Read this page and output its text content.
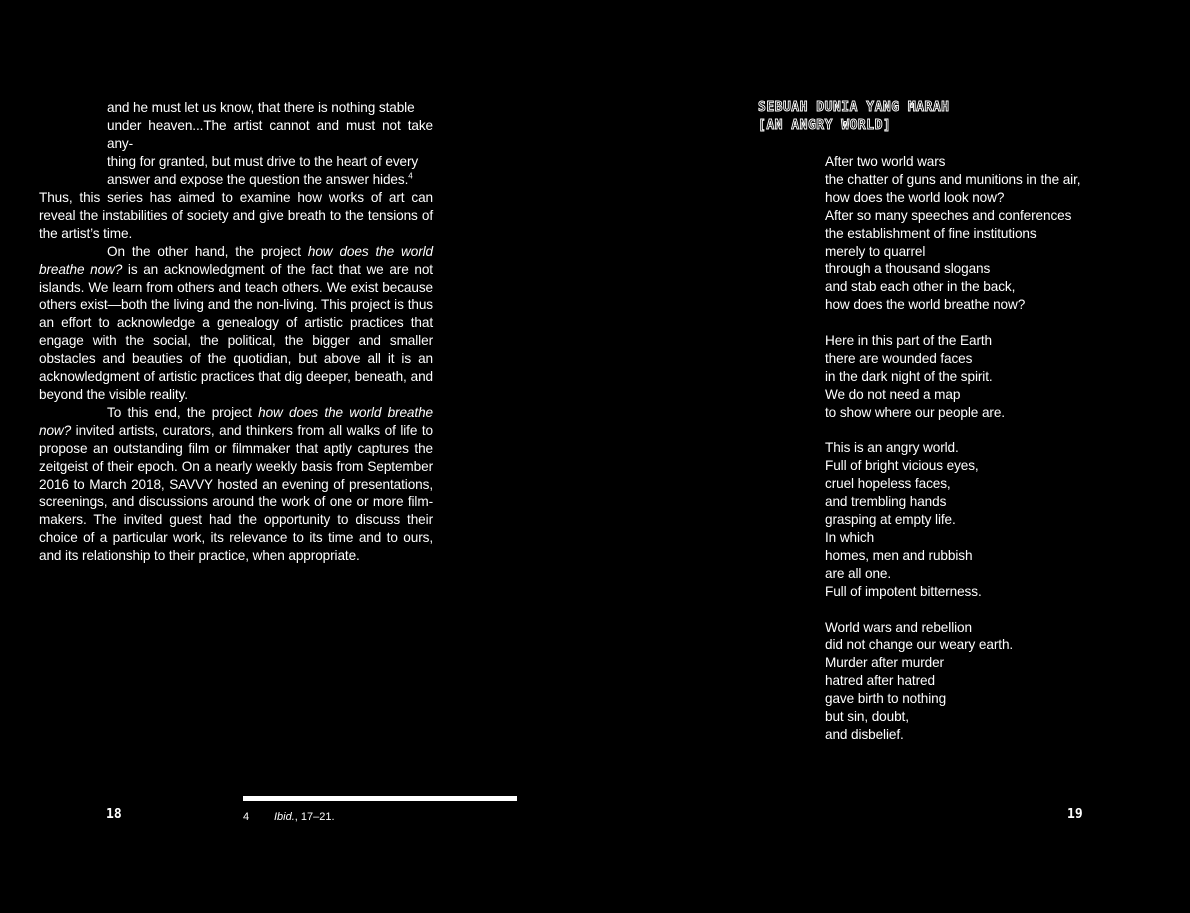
and he must let us know, that there is nothing stable
under heaven...The artist cannot and must not take any-
thing for granted, but must drive to the heart of every
answer and expose the question the answer hides.$^4$

Thus, this series has aimed to examine how works of art can reveal the instabilities of society and give breath to the tensions of the artist’s time.

On the other hand, the project how does the world breathe now? is an acknowledgment of the fact that we are not islands. We learn from others and teach others. We exist because others exist—both the living and the non-living. This project is thus an effort to acknowledge a genealogy of artistic practices that engage with the social, the political, the bigger and smaller obstacles and beauties of the quotidian, but above all it is an acknowledgment of artistic practices that dig deeper, beneath, and beyond the visible reality.

To this end, the project how does the world breathe now? invited artists, curators, and thinkers from all walks of life to propose an outstanding film or filmmaker that aptly captures the zeitgeist of their epoch. On a nearly weekly basis from September 2016 to March 2018, SAVVY hosted an evening of presentations, screenings, and discussions around the work of one or more film-makers. The invited guest had the opportunity to discuss their choice of a particular work, its relevance to its time and to ours, and its relationship to their practice, when appropriate.

18	4 Ibid., 17–21.
SEBUAH DUNIA YANG MARAH
[AN ANGRY WORLD]
After two world wars
the chatter of guns and munitions in the air,
how does the world look now?
After so many speeches and conferences
the establishment of fine institutions
merely to quarrel
through a thousand slogans
and stab each other in the back,
how does the world breathe now?
Here in this part of the Earth
there are wounded faces
in the dark night of the spirit.
We do not need a map
to show where our people are.
This is an angry world.
Full of bright vicious eyes,
cruel hopeless faces,
and trembling hands
grasping at empty life.
In which
homes, men and rubbish
are all one.
Full of impotent bitterness.
World wars and rebellion
did not change our weary earth.
Murder after murder
hatred after hatred
gave birth to nothing
but sin, doubt,
and disbelief.
19
